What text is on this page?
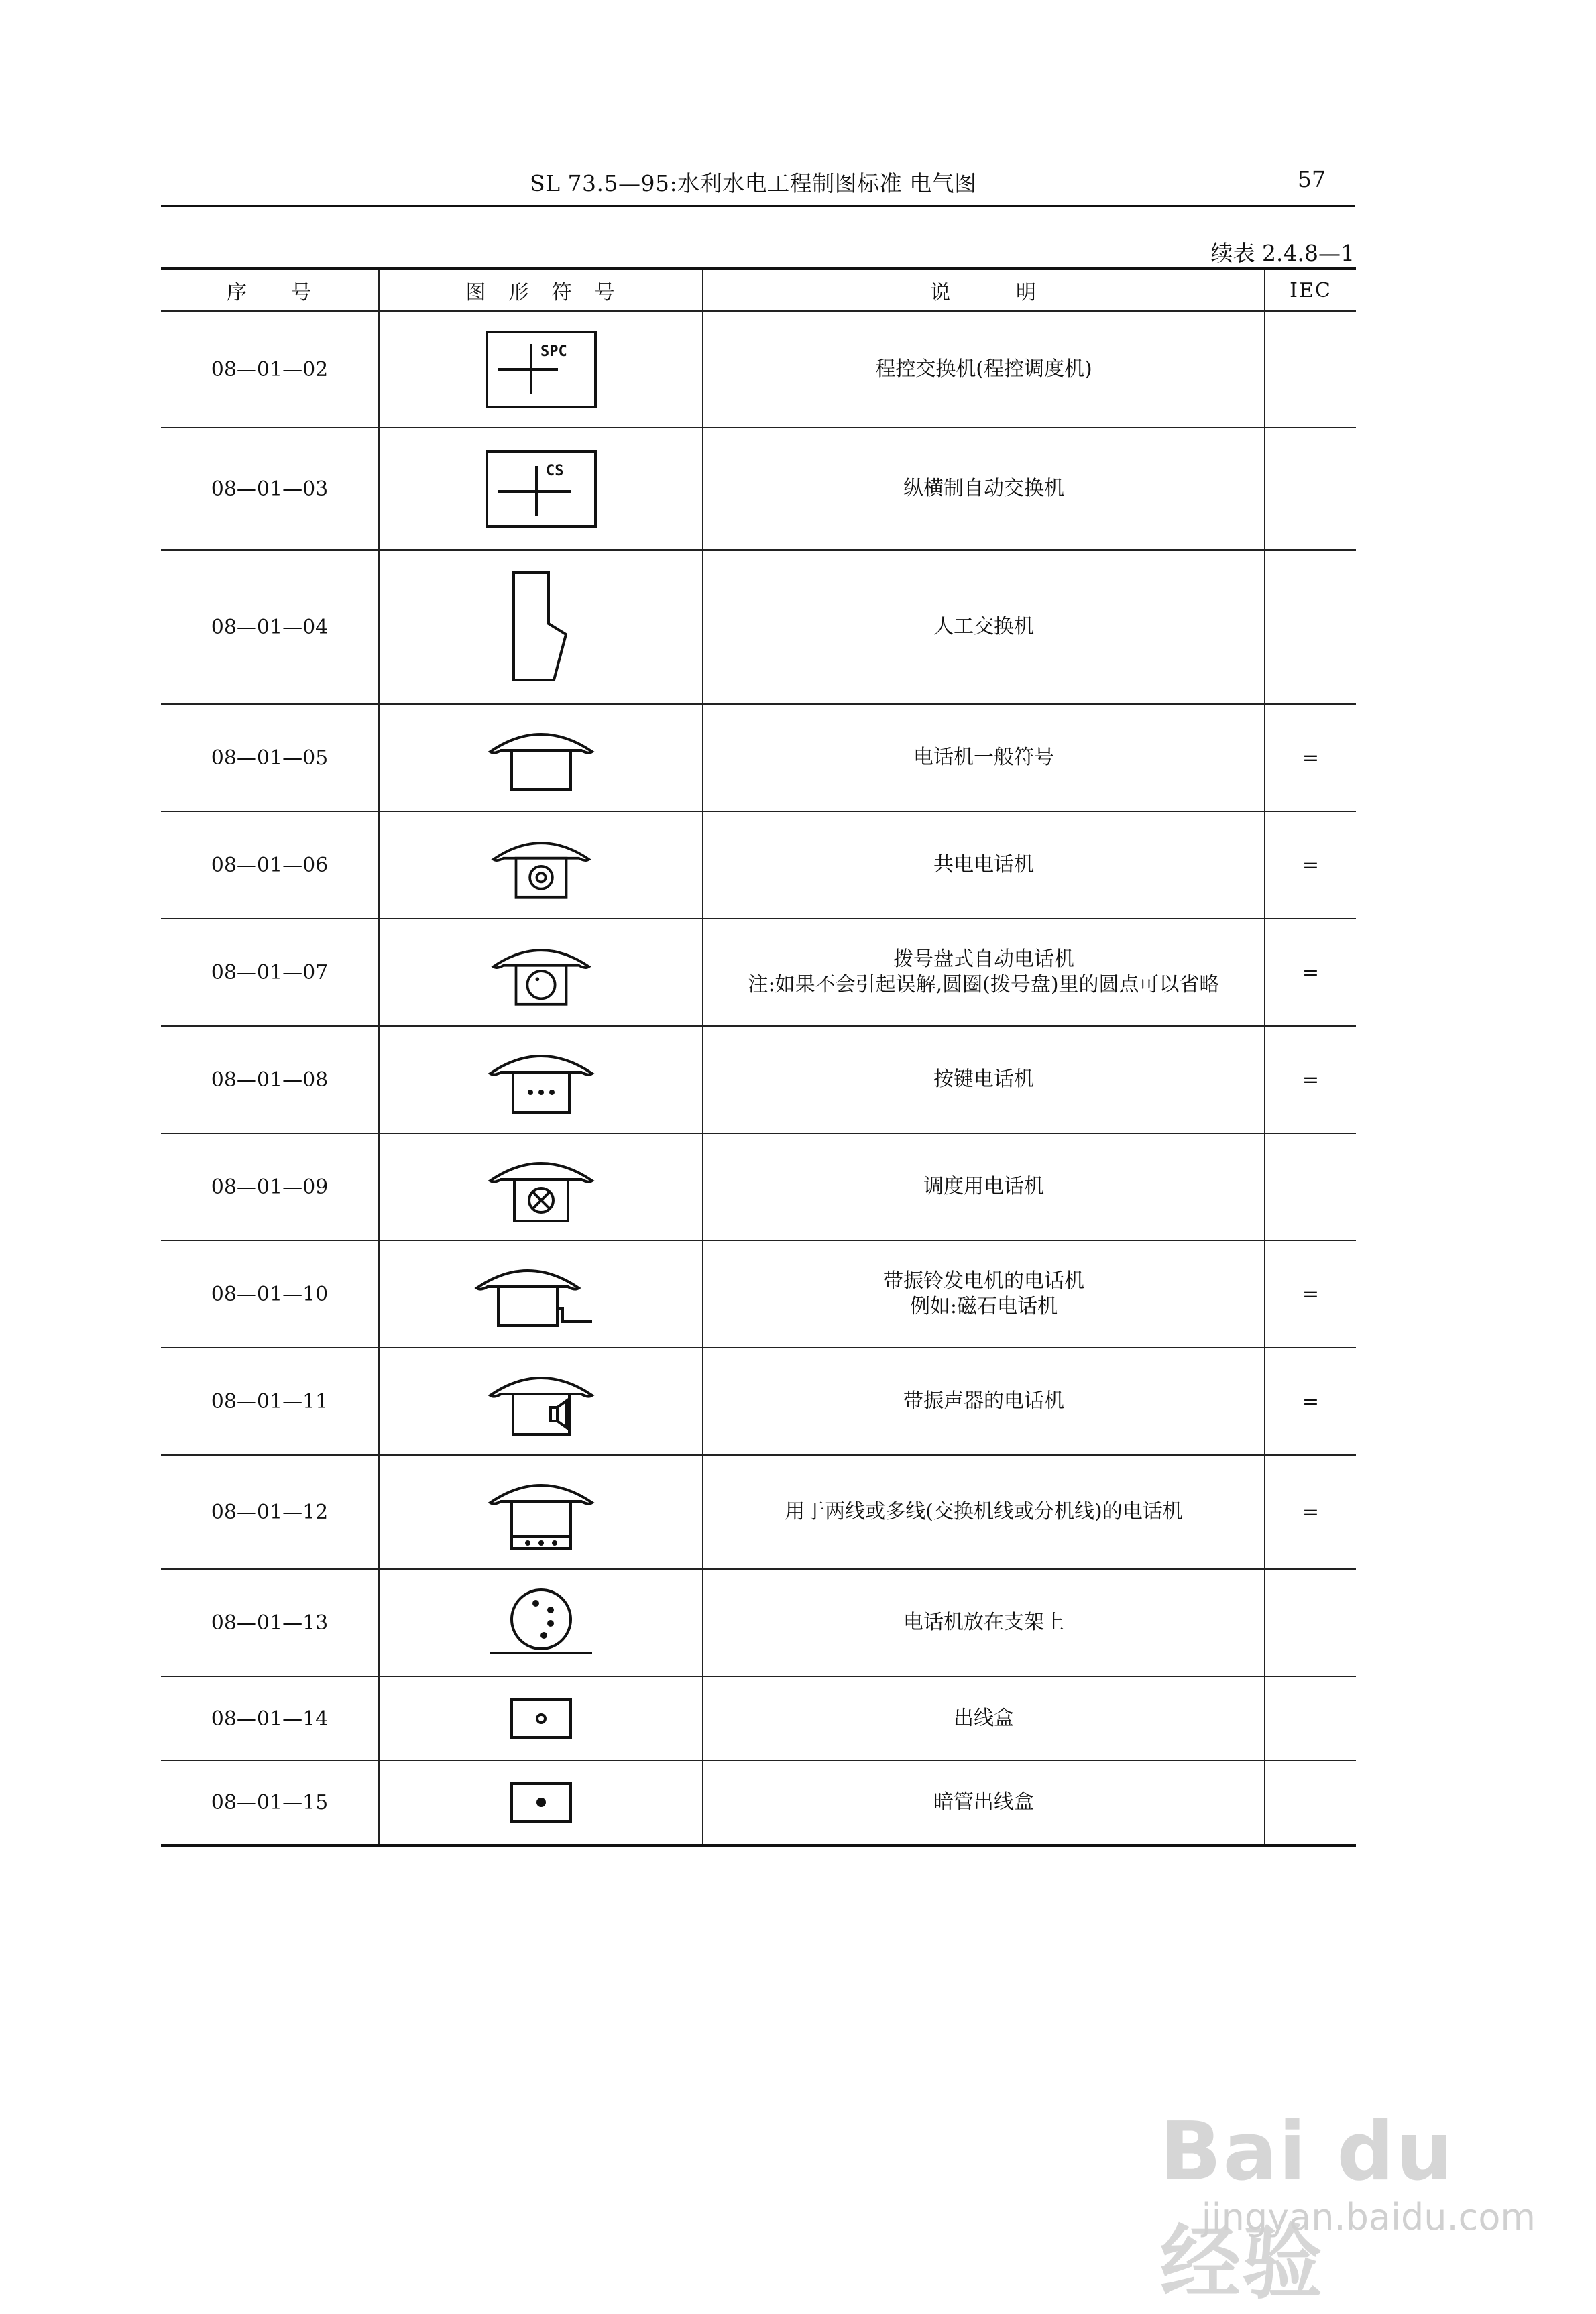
SL 73.5—95:水利水电工程制图标准 电气图	57
续表 2.4.8—1
序　　号	图　形　符　号	说　　　明	IEC
08—01—02	SPC	程控交换机(程控调度机)	

08—01—03	CS	纵横制自动交换机	

08—01—04		人工交换机	

08—01—05		电话机一般符号	=
08—01—06		共电电话机	=
08—01—07		拨号盘式自动电话机
注:如果不会引起误解,圆圈(拨号盘)里的圆点可以省略	=
08—01—08		按键电话机	=
08—01—09		调度用电话机	

08—01—10		带振铃发电机的电话机
例如:磁石电话机	=
08—01—11		带振声器的电话机	=
08—01—12		用于两线或多线(交换机线或分机线)的电话机	=
08—01—13		电话机放在支架上	

08—01—14		出线盒	

08—01—15		暗管出线盒	

Bai du 经验
jingyan.baidu.com
